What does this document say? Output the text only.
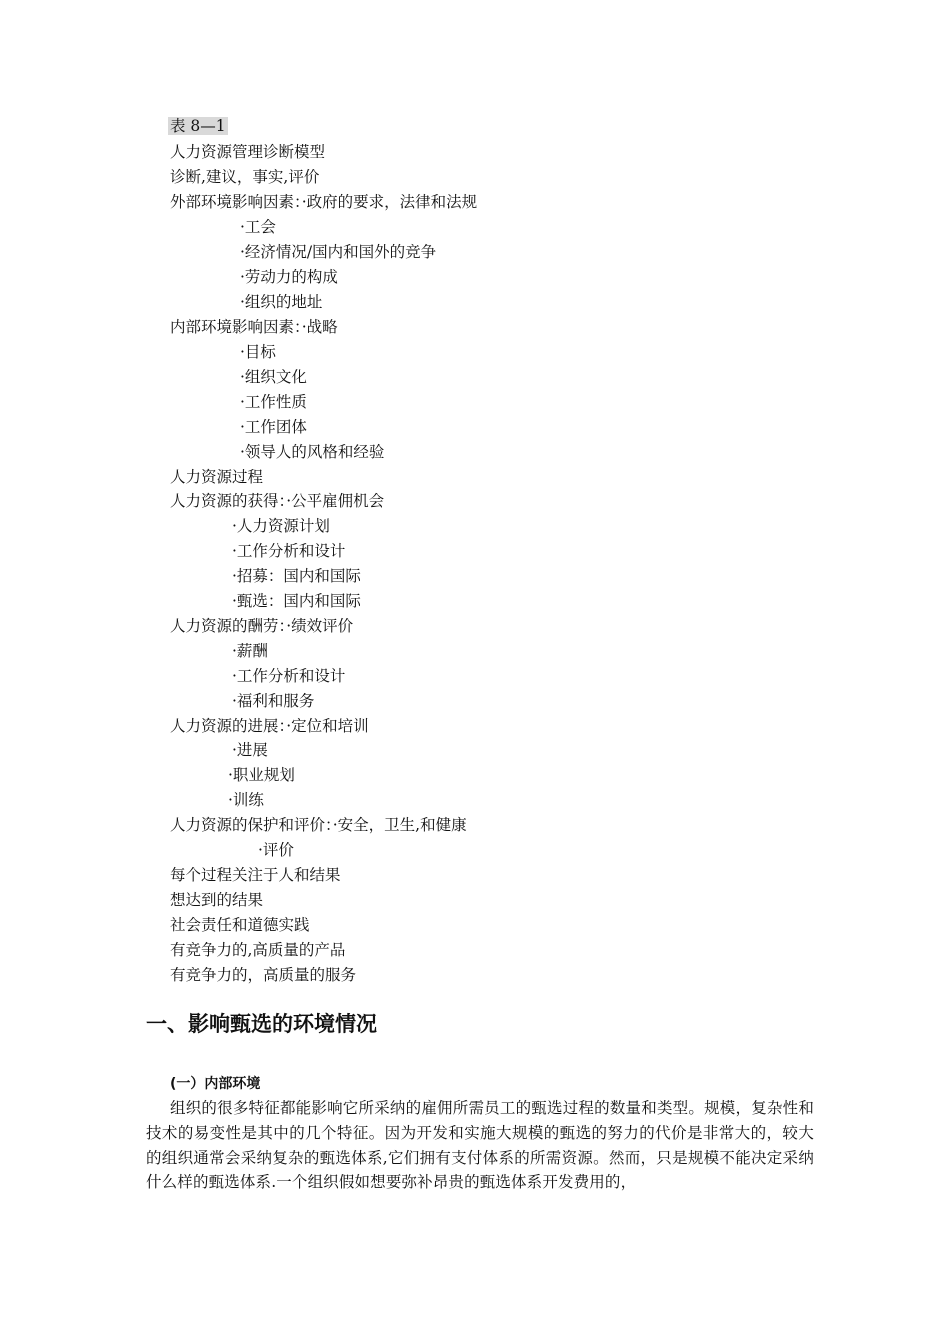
表 8—1
人力资源管理诊断模型
诊断,建议，事实,评价
外部环境影响因素：·政府的要求，法律和法规
·工会
·经济情况/国内和国外的竞争
·劳动力的构成
·组织的地址
内部环境影响因素：·战略
·目标
·组织文化
·工作性质
·工作团体
·领导人的风格和经验
人力资源过程
人力资源的获得：·公平雇佣机会
·人力资源计划
·工作分析和设计
·招募：国内和国际
·甄选：国内和国际
人力资源的酬劳：·绩效评价
·薪酬
·工作分析和设计
·福利和服务
人力资源的进展：·定位和培训
·进展
·职业规划
·训练
人力资源的保护和评价：·安全，卫生,和健康
·评价
每个过程关注于人和结果
想达到的结果
社会责任和道德实践
有竞争力的,高质量的产品
有竞争力的，高质量的服务
一、影响甄选的环境情况
(一）内部环境
组织的很多特征都能影响它所采纳的雇佣所需员工的甄选过程的数量和类型。规模，复杂性和技术的易变性是其中的几个特征。因为开发和实施大规模的甄选的努力的代价是非常大的，较大的组织通常会采纳复杂的甄选体系,它们拥有支付体系的所需资源。然而，只是规模不能决定采纳什么样的甄选体系.一个组织假如想要弥补昂贵的甄选体系开发费用的，
